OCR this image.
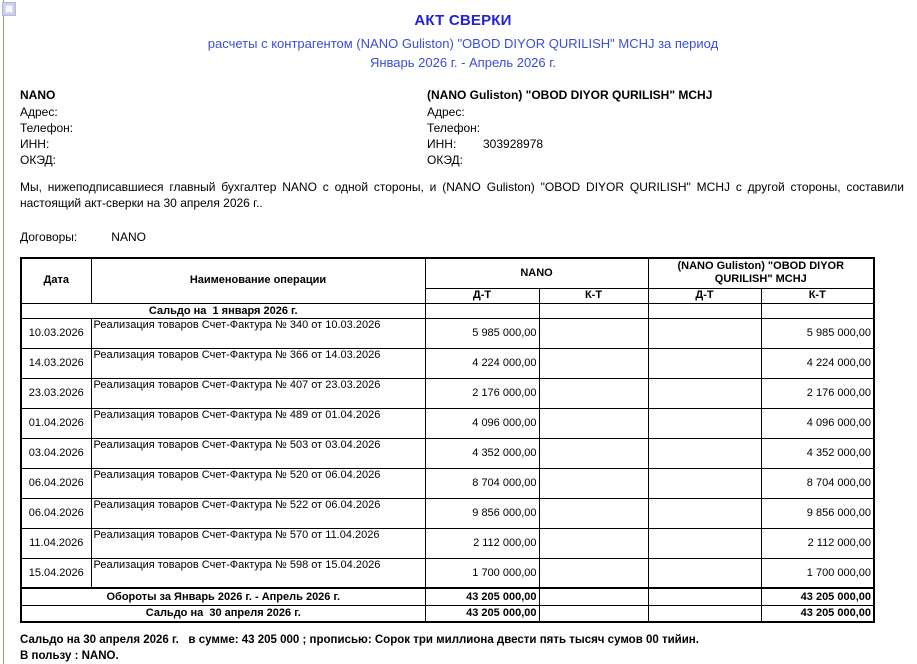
АКТ СВЕРКИ
расчеты с контрагентом (NANO Guliston) "OBOD DIYOR QURILISH" MCHJ за период
Январь 2026 г. - Апрель 2026 г.
NANO
Адрес:
Телефон:
ИНН:
ОКЭД:
(NANO Guliston) "OBOD DIYOR QURILISH" MCHJ
Адрес:
Телефон:
ИНН: 303928978
ОКЭД:
Мы, нижеподписавшиеся главный бухгалтер NANO с одной стороны, и (NANO Guliston) "OBOD DIYOR QURILISH" MCHJ с другой стороны, составили настоящий акт-сверки на 30 апреля 2026 г..
Договоры:	NANO
Дата	Наименование операции	NANO		(NANO Guliston) "OBOD DIYOR QURILISH" MCHJ	
		Д-Т	К-Т	Д-Т	К-Т
Сальдо на  1 января 2026 г.					
10.03.2026	Реализация товаров Счет-Фактура № 340 от 10.03.2026	5 985 000,00			5 985 000,00
14.03.2026	Реализация товаров Счет-Фактура № 366 от 14.03.2026	4 224 000,00			4 224 000,00
23.03.2026	Реализация товаров Счет-Фактура № 407 от 23.03.2026	2 176 000,00			2 176 000,00
01.04.2026	Реализация товаров Счет-Фактура № 489 от 01.04.2026	4 096 000,00			4 096 000,00
03.04.2026	Реализация товаров Счет-Фактура № 503 от 03.04.2026	4 352 000,00			4 352 000,00
06.04.2026	Реализация товаров Счет-Фактура № 520 от 06.04.2026	8 704 000,00			8 704 000,00
06.04.2026	Реализация товаров Счет-Фактура № 522 от 06.04.2026	9 856 000,00			9 856 000,00
11.04.2026	Реализация товаров Счет-Фактура № 570 от 11.04.2026	2 112 000,00			2 112 000,00
15.04.2026	Реализация товаров Счет-Фактура № 598 от 15.04.2026	1 700 000,00			1 700 000,00
Обороты за Январь 2026 г. - Апрель 2026 г.		43 205 000,00			43 205 000,00
Сальдо на  30 апреля 2026 г.		43 205 000,00			43 205 000,00
Сальдо на 30 апреля 2026 г.   в сумме: 43 205 000 ; прописью: Сорок три миллиона двести пять тысяч сумов 00 тийин.
В пользу : NANO.
